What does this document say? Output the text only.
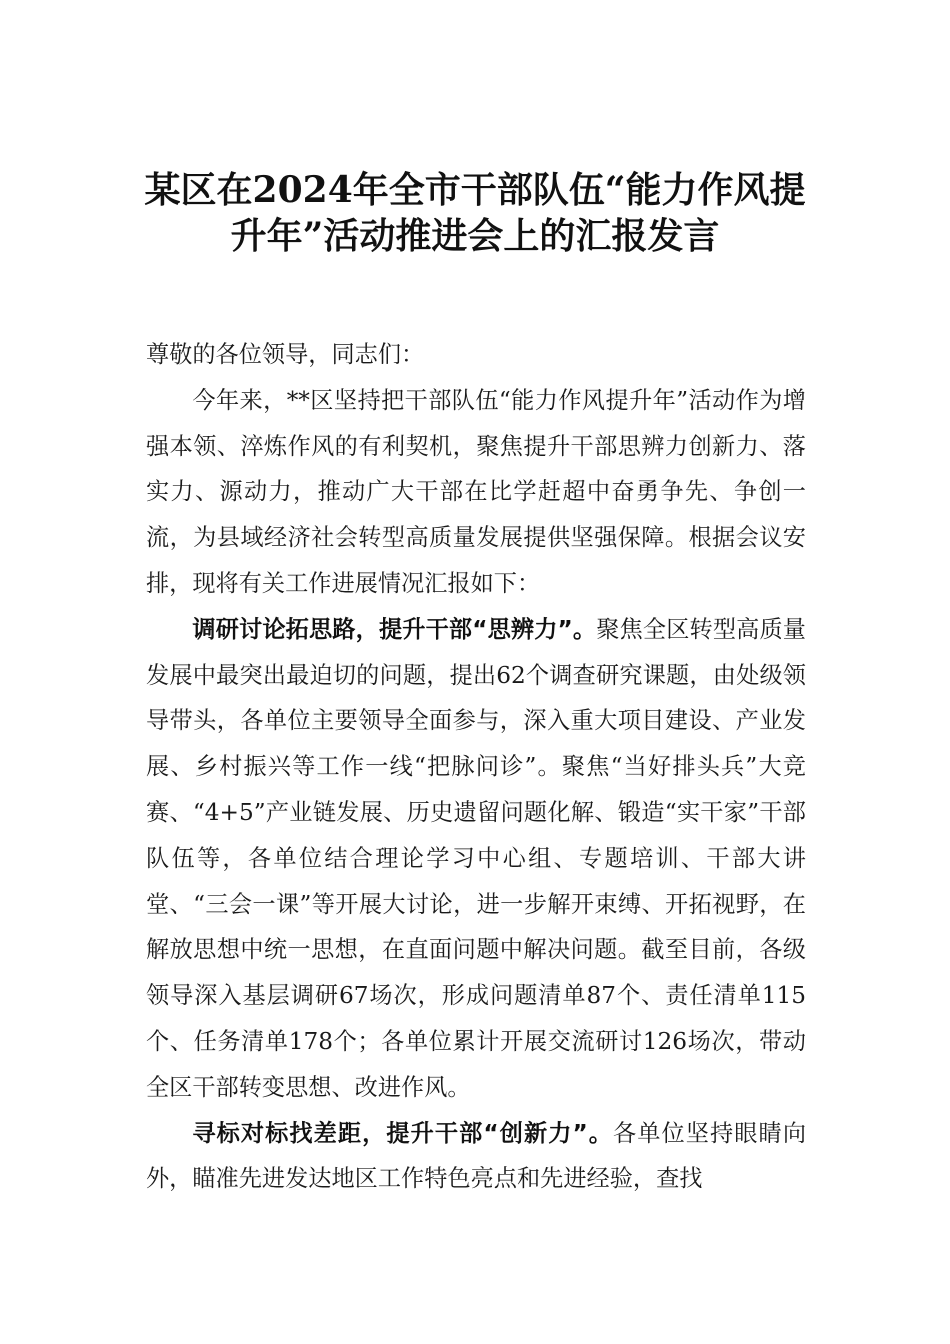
某区在2024年全市干部队伍“能力作风提
升年”活动推进会上的汇报发言

尊敬的各位领导，同志们：

今年来，**区坚持把干部队伍“能力作风提升年”活动作为增强本领、淬炼作风的有利契机，聚焦提升干部思辨力创新力、落实力、源动力，推动广大干部在比学赶超中奋勇争先、争创一流，为县域经济社会转型高质量发展提供坚强保障。根据会议安排，现将有关工作进展情况汇报如下：

调研讨论拓思路，提升干部“思辨力”。聚焦全区转型高质量发展中最突出最迫切的问题，提出62个调查研究课题，由处级领导带头，各单位主要领导全面参与，深入重大项目建设、产业发展、乡村振兴等工作一线“把脉问诊”。聚焦“当好排头兵”大竞赛、“4+5”产业链发展、历史遗留问题化解、锻造“实干家”干部队伍等，各单位结合理论学习中心组、专题培训、干部大讲堂、“三会一课”等开展大讨论，进一步解开束缚、开拓视野，在解放思想中统一思想，在直面问题中解决问题。截至目前，各级领导深入基层调研67场次，形成问题清单87个、责任清单115个、任务清单178个；各单位累计开展交流研讨126场次，带动全区干部转变思想、改进作风。

寻标对标找差距，提升干部“创新力”。各单位坚持眼睛向外，瞄准先进发达地区工作特色亮点和先进经验，查找
